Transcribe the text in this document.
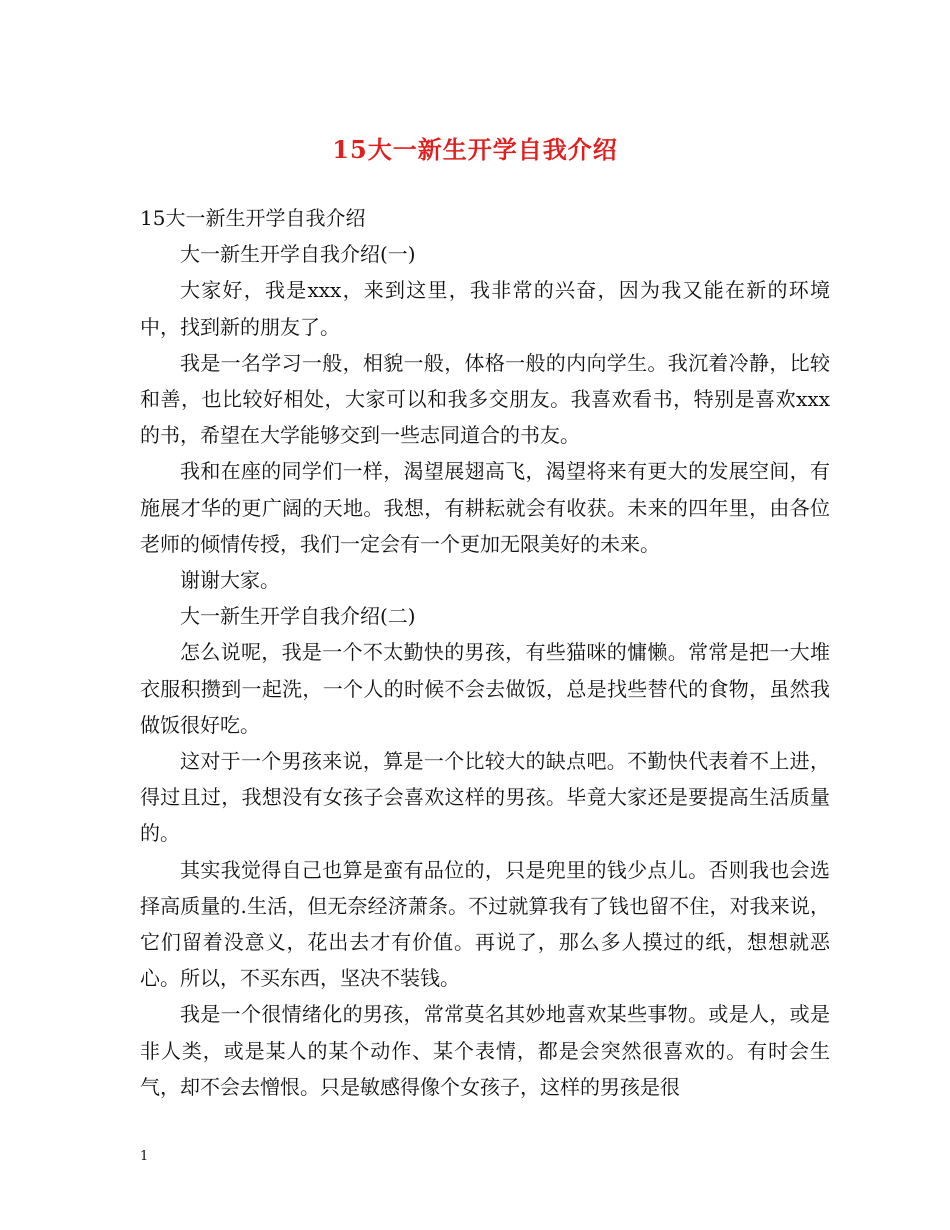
15大一新生开学自我介绍

15大一新生开学自我介绍

大一新生开学自我介绍(一)

大家好，我是xxx，来到这里，我非常的兴奋，因为我又能在新的环境中，找到新的朋友了。

我是一名学习一般，相貌一般，体格一般的内向学生。我沉着冷静，比较和善，也比较好相处，大家可以和我多交朋友。我喜欢看书，特别是喜欢xxx的书，希望在大学能够交到一些志同道合的书友。

我和在座的同学们一样，渴望展翅高飞，渴望将来有更大的发展空间，有施展才华的更广阔的天地。我想，有耕耘就会有收获。未来的四年里，由各位老师的倾情传授，我们一定会有一个更加无限美好的未来。

谢谢大家。

大一新生开学自我介绍(二)

怎么说呢，我是一个不太勤快的男孩，有些猫咪的慵懒。常常是把一大堆衣服积攒到一起洗，一个人的时候不会去做饭，总是找些替代的食物，虽然我做饭很好吃。

这对于一个男孩来说，算是一个比较大的缺点吧。不勤快代表着不上进，得过且过，我想没有女孩子会喜欢这样的男孩。毕竟大家还是要提高生活质量的。

其实我觉得自己也算是蛮有品位的，只是兜里的钱少点儿。否则我也会选择高质量的.生活，但无奈经济萧条。不过就算我有了钱也留不住，对我来说，它们留着没意义，花出去才有价值。再说了，那么多人摸过的纸，想想就恶心。所以，不买东西，坚决不装钱。

我是一个很情绪化的男孩，常常莫名其妙地喜欢某些事物。或是人，或是非人类，或是某人的某个动作、某个表情，都是会突然很喜欢的。有时会生气，却不会去憎恨。只是敏感得像个女孩子，这样的男孩是很

1
